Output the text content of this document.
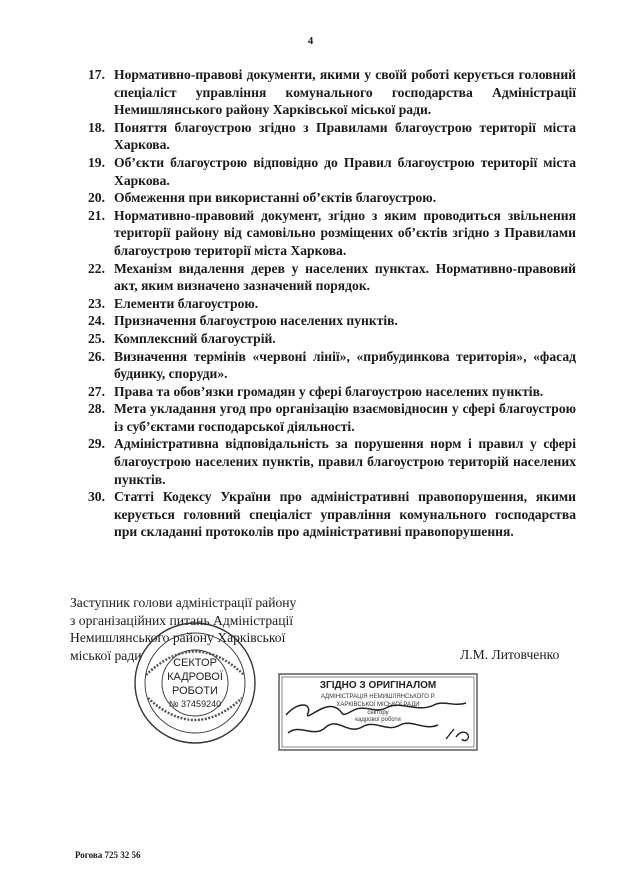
4
17. Нормативно-правові документи, якими у своїй роботі керується головний спеціаліст управління комунального господарства Адміністрації Немишлянського району Харківської міської ради.
18. Поняття благоустрою згідно з Правилами благоустрою території міста Харкова.
19. Об’єкти благоустрою відповідно до Правил благоустрою території міста Харкова.
20. Обмеження при використанні об’єктів благоустрою.
21. Нормативно-правовий документ, згідно з яким проводиться звільнення території району від самовільно розміщених об’єктів згідно з Правилами благоустрою території міста Харкова.
22. Механізм видалення дерев у населених пунктах. Нормативно-правовий акт, яким визначено зазначений порядок.
23. Елементи благоустрою.
24. Призначення благоустрою населених пунктів.
25. Комплексний благоустрій.
26. Визначення термінів «червоні лінії», «прибудинкова територія», «фасад будинку, споруди».
27. Права та обов’язки громадян у сфері благоустрою населених пунктів.
28. Мета укладання угод про організацію взаємовідносин у сфері благоустрою із суб’єктами господарської діяльності.
29. Адміністративна відповідальність за порушення норм і правил у сфері благоустрою населених пунктів, правил благоустрою територій населених пунктів.
30. Статті Кодексу України про адміністративні правопорушення, якими керується головний спеціаліст управління комунального господарства при складанні протоколів про адміністративні правопорушення.
Заступник голови адміністрації району
з організаційних питань Адміністрації
Немишлянського району Харківської
міської ради	Л.М. Литовченко
СЕКТОР
КАДРОВОЇ
РОБОТИ
№ 37459240
ЗГІДНО З ОРИГІНАЛОМ
АДМІНІСТРАЦІЯ НЕМИШЛЯНСЬКОГО Р.
ХАРКІВСЬКОЇ МІСЬКОЇ РАДИ
сектору
кадрової роботи
Рогова 725 32 56
